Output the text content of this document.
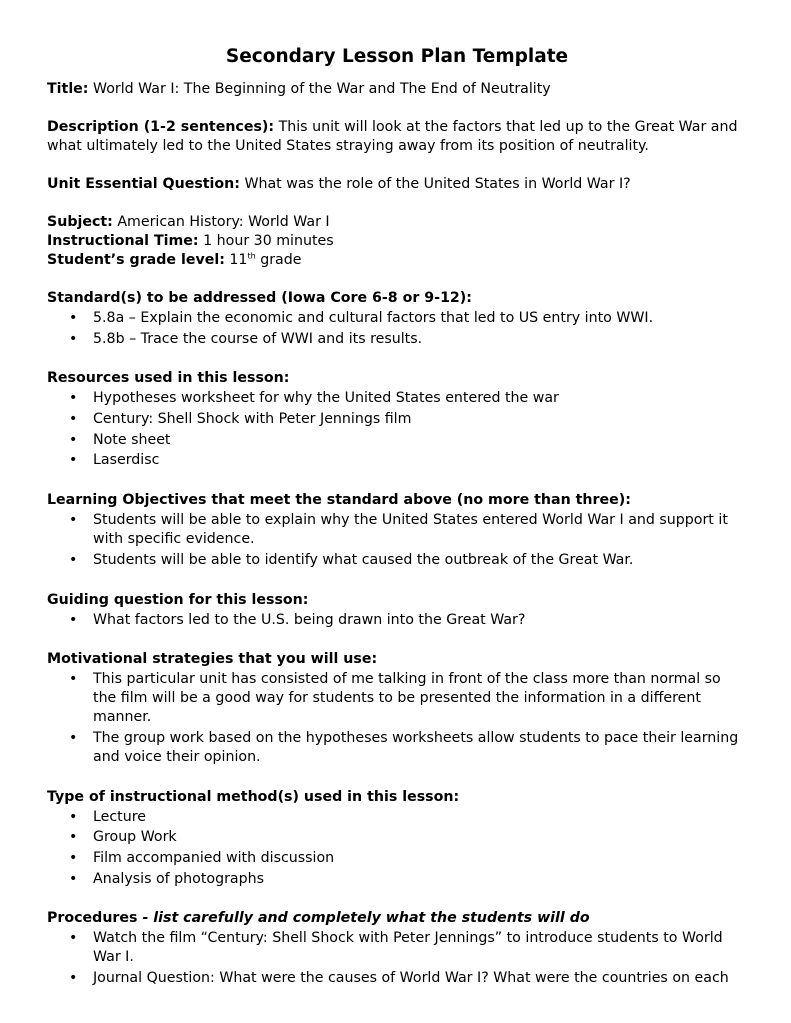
Secondary Lesson Plan Template

Title: World War I: The Beginning of the War and The End of Neutrality

Description (1-2 sentences): This unit will look at the factors that led up to the Great War and what ultimately led to the United States straying away from its position of neutrality.

Unit Essential Question: What was the role of the United States in World War I?

Subject: American History: World War I

Instructional Time: 1 hour 30 minutes

Student’s grade level: 11th grade

Standard(s) to be addressed (Iowa Core 6-8 or 9-12):

• 5.8a – Explain the economic and cultural factors that led to US entry into WWI.
• 5.8b – Trace the course of WWI and its results.

Resources used in this lesson:

• Hypotheses worksheet for why the United States entered the war
• Century: Shell Shock with Peter Jennings film
• Note sheet
• Laserdisc

Learning Objectives that meet the standard above (no more than three):

• Students will be able to explain why the United States entered World War I and support it with specific evidence.
• Students will be able to identify what caused the outbreak of the Great War.

Guiding question for this lesson:

• What factors led to the U.S. being drawn into the Great War?

Motivational strategies that you will use:

• This particular unit has consisted of me talking in front of the class more than normal so the film will be a good way for students to be presented the information in a different manner.
• The group work based on the hypotheses worksheets allow students to pace their learning and voice their opinion.

Type of instructional method(s) used in this lesson:

• Lecture
• Group Work
• Film accompanied with discussion
• Analysis of photographs

Procedures - list carefully and completely what the students will do

• Watch the film “Century: Shell Shock with Peter Jennings” to introduce students to World War I.
• Journal Question: What were the causes of World War I? What were the countries on each
